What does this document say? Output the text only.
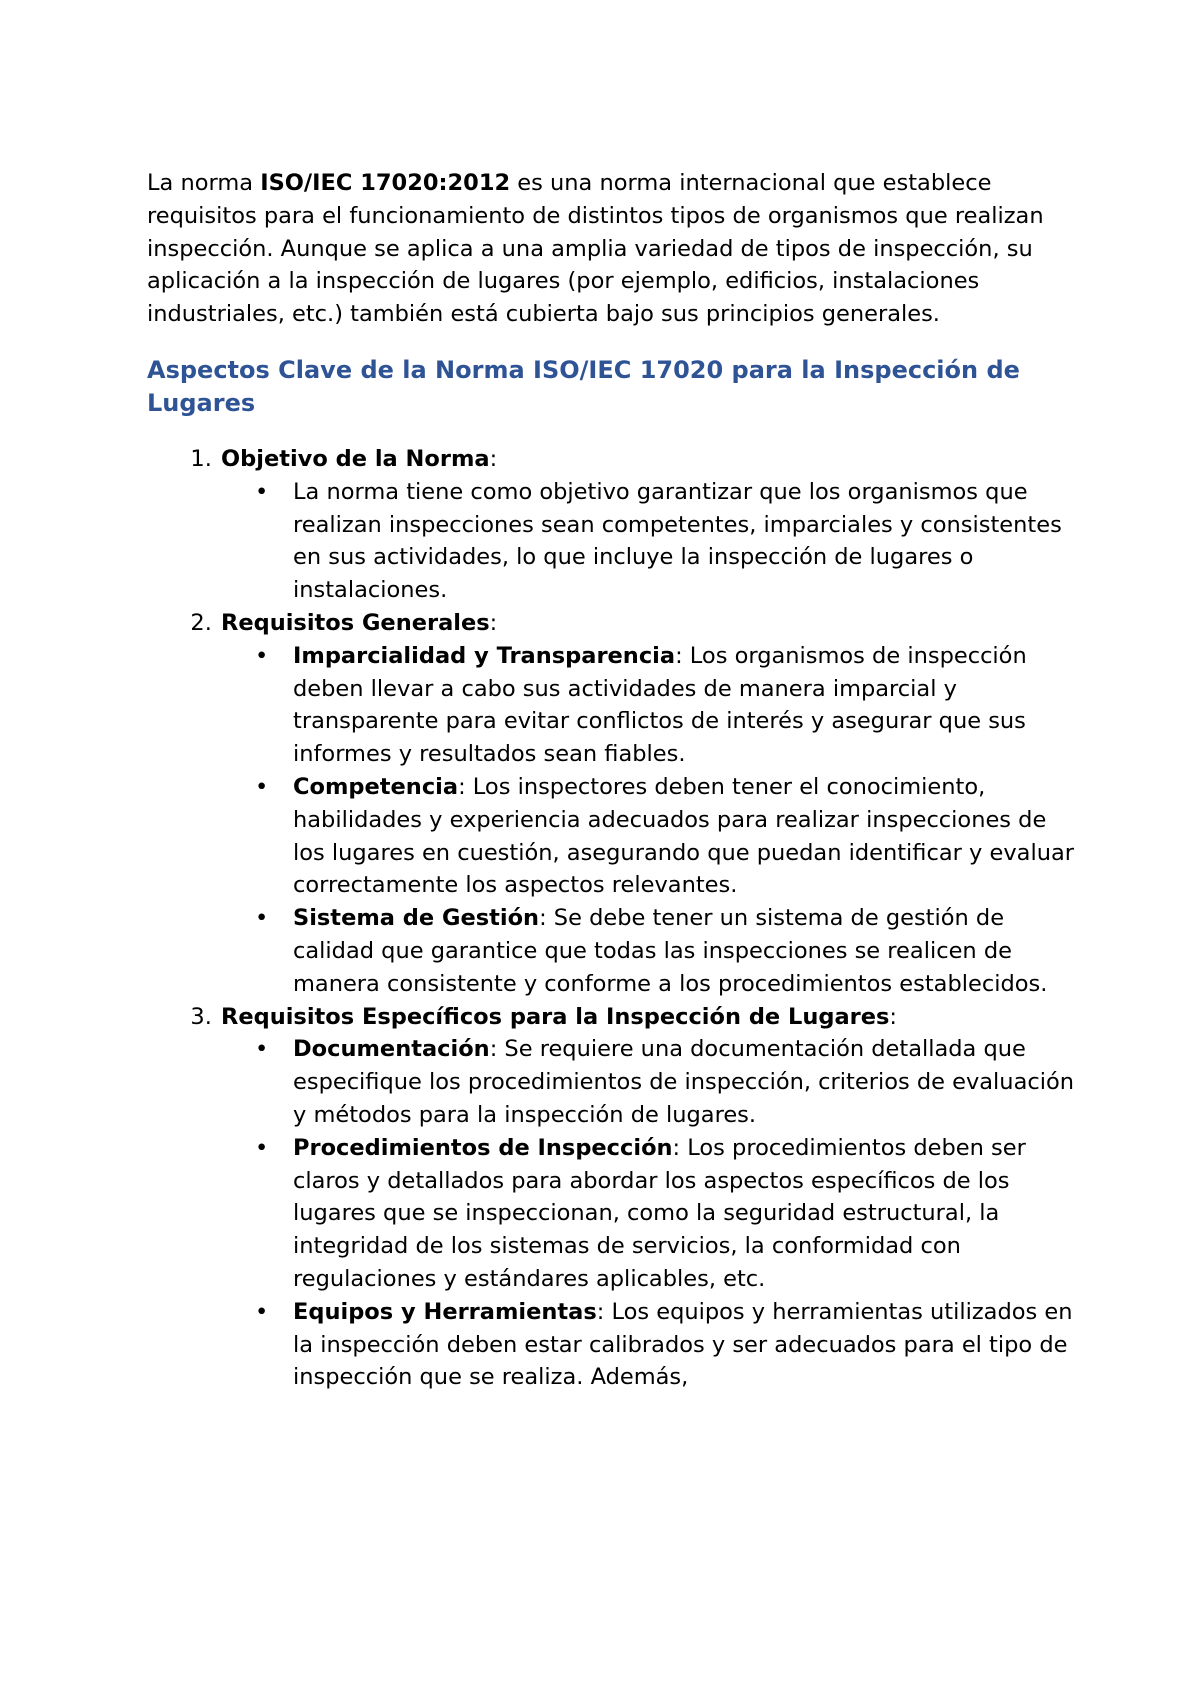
La norma ISO/IEC 17020:2012 es una norma internacional que establece requisitos para el funcionamiento de distintos tipos de organismos que realizan inspección. Aunque se aplica a una amplia variedad de tipos de inspección, su aplicación a la inspección de lugares (por ejemplo, edificios, instalaciones industriales, etc.) también está cubierta bajo sus principios generales.

Aspectos Clave de la Norma ISO/IEC 17020 para la Inspección de Lugares
1. Objetivo de la Norma:
• La norma tiene como objetivo garantizar que los organismos que realizan inspecciones sean competentes, imparciales y consistentes en sus actividades, lo que incluye la inspección de lugares o instalaciones.
2. Requisitos Generales:
• Imparcialidad y Transparencia: Los organismos de inspección deben llevar a cabo sus actividades de manera imparcial y transparente para evitar conflictos de interés y asegurar que sus informes y resultados sean fiables.
• Competencia: Los inspectores deben tener el conocimiento, habilidades y experiencia adecuados para realizar inspecciones de los lugares en cuestión, asegurando que puedan identificar y evaluar correctamente los aspectos relevantes.
• Sistema de Gestión: Se debe tener un sistema de gestión de calidad que garantice que todas las inspecciones se realicen de manera consistente y conforme a los procedimientos establecidos.
3. Requisitos Específicos para la Inspección de Lugares:
• Documentación: Se requiere una documentación detallada que especifique los procedimientos de inspección, criterios de evaluación y métodos para la inspección de lugares.
• Procedimientos de Inspección: Los procedimientos deben ser claros y detallados para abordar los aspectos específicos de los lugares que se inspeccionan, como la seguridad estructural, la integridad de los sistemas de servicios, la conformidad con regulaciones y estándares aplicables, etc.
• Equipos y Herramientas: Los equipos y herramientas utilizados en la inspección deben estar calibrados y ser adecuados para el tipo de inspección que se realiza. Además,
